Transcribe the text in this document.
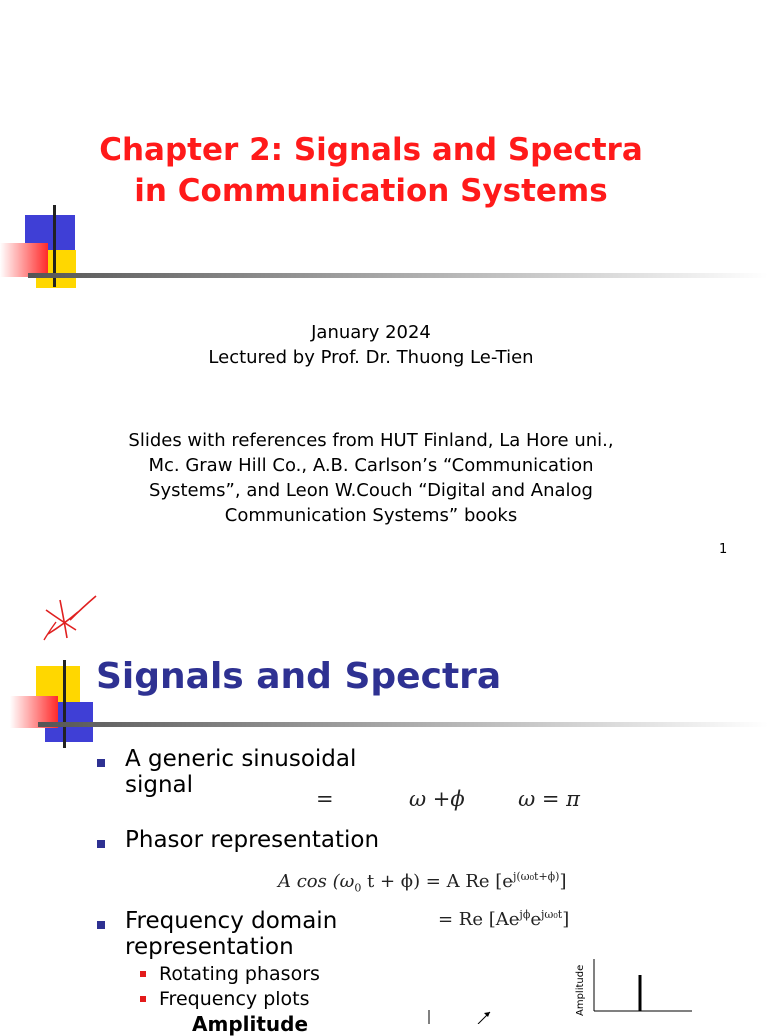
Chapter 2: Signals and Spectra
in Communication Systems
January 2024
Lectured by Prof. Dr. Thuong Le-Tien
Slides with references from HUT Finland, La Hore uni.,
Mc. Graw Hill Co., A.B. Carlson’s “Communication
Systems”, and Leon W.Couch “Digital and Analog
Communication Systems” books
1
Signals and Spectra
A generic sinusoidal
signal
=	ω +ϕ	ω = π
Phasor representation
A $\cos (\omega_0$ t + ϕ) = A Re $[e^{j(\omega_0t+\phi)}]$
= Re $[Ae^{j\phi}e^{j\omega_0t}]$
Frequency domain
representation
Rotating phasors
Frequency plots
Amplitude
Amplitude
